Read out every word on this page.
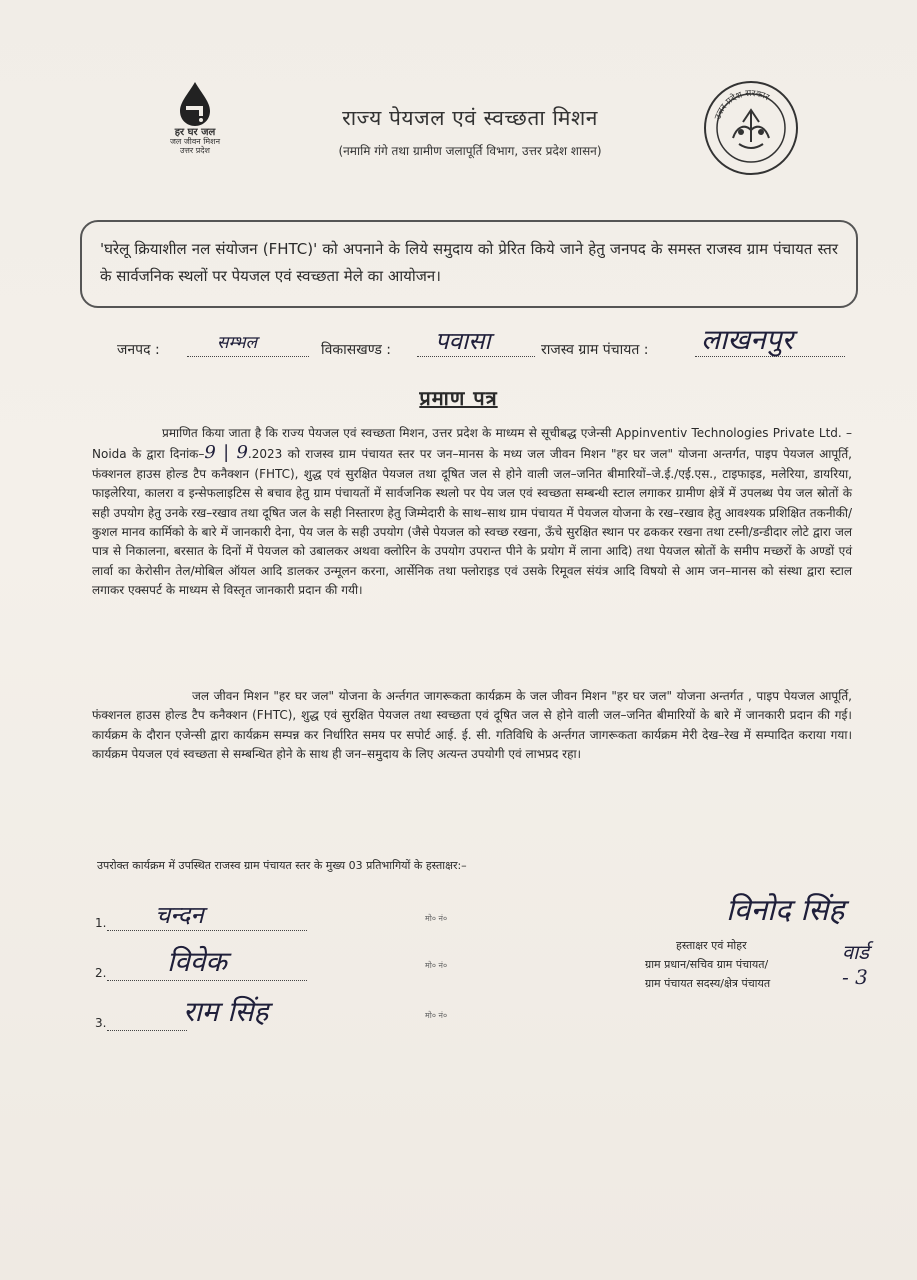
हर घर जल
जल जीवन मिशन
उत्तर प्रदेश
राज्य पेयजल एवं स्वच्छता मिशन
(नमामि गंगे तथा ग्रामीण जलापूर्ति विभाग, उत्तर प्रदेश शासन)
उत्तर प्रदेश सरकार
'घरेलू क्रियाशील नल संयोजन (FHTC)' को अपनाने के लिये समुदाय को प्रेरित किये जाने हेतु जनपद के समस्त राजस्व ग्राम पंचायत स्तर के सार्वजनिक स्थलों पर पेयजल एवं स्वच्छता मेले का आयोजन।
जनपद :	सम्भल	विकासखण्ड : पवासा	राजस्व ग्राम पंचायत : लाखनपुर
प्रमाण पत्र
प्रमाणित किया जाता है कि राज्य पेयजल एवं स्वच्छता मिशन, उत्तर प्रदेश के माध्यम से सूचीबद्ध एजेन्सी Appinventiv Technologies Private Ltd. – Noida के द्वारा दिनांक–9 | 9.2023 को राजस्व ग्राम पंचायत स्तर पर जन–मानस के मध्य जल जीवन मिशन "हर घर जल" योजना अन्तर्गत, पाइप पेयजल आपूर्ति, फंक्शनल हाउस होल्ड टैप कनैक्शन (FHTC), शुद्ध एवं सुरक्षित पेयजल तथा दूषित जल से होने वाली जल–जनित बीमारियों–जे.ई./एई.एस., टाइफाइड, मलेरिया, डायरिया, फाइलेरिया, कालरा व इन्सेफलाइटिस से बचाव हेतु ग्राम पंचायतों में सार्वजनिक स्थलो पर पेय जल एवं स्वच्छता सम्बन्धी स्टाल लगाकर ग्रामीण क्षेत्रें में उपलब्ध पेय जल स्रोतों के सही उपयोग हेतु उनके रख–रखाव तथा दूषित जल के सही निस्तारण हेतु जिम्मेदारी के साथ–साथ ग्राम पंचायत में पेयजल योजना के रख–रखाव हेतु आवश्यक प्रशिक्षित तकनीकी/कुशल मानव कार्मिको के बारे में जानकारी देना, पेय जल के सही उपयोग (जैसे पेयजल को स्वच्छ रखना, ऊँचे सुरक्षित स्थान पर ढककर रखना तथा टस्नी/डन्डीदार लोटे द्वारा जल पात्र से निकालना, बरसात के दिनों में पेयजल को उबालकर अथवा क्लोरिन के उपयोग उपरान्त पीने के प्रयोग में लाना आदि) तथा पेयजल स्रोतों के समीप मच्छरों के अण्डों एवं लार्वा का केरोसीन तेल/मोबिल ऑयल आदि डालकर उन्मूलन करना, आर्सेनिक तथा फ्लोराइड एवं उसके रिमूवल संयंत्र आदि विषयो से आम जन–मानस को संस्था द्वारा स्टाल लगाकर एक्सपर्ट के माध्यम से विस्तृत जानकारी प्रदान की गयी।
जल जीवन मिशन "हर घर जल" योजना के अर्न्तगत जागरूकता कार्यक्रम के जल जीवन मिशन "हर घर जल" योजना अन्तर्गत , पाइप पेयजल आपूर्ति, फंक्शनल हाउस होल्ड टैप कनैक्शन (FHTC), शुद्ध एवं सुरक्षित पेयजल तथा स्वच्छता एवं दूषित जल से होने वाली जल–जनित बीमारियों के बारे में जानकारी प्रदान की गई। कार्यक्रम के दौरान एजेन्सी द्वारा कार्यक्रम सम्पन्न कर निर्धारित समय पर सपोर्ट आई. ई. सी. गतिविधि के अर्न्तगत जागरूकता कार्यक्रम मेरी देख–रेख में सम्पादित कराया गया। कार्यक्रम पेयजल एवं स्वच्छता से सम्बन्धित होने के साथ ही जन–समुदाय के लिए अत्यन्त उपयोगी एवं लाभप्रद रहा।
उपरोक्त कार्यक्रम में उपस्थित राजस्व ग्राम पंचायत स्तर के मुख्य 03 प्रतिभागियों के हस्ताक्षर:–
1. चन्दन	मो० नं०
2. विवेक	मो० नं०
3.	राम सिंह	मो० नं०
विनोद सिंह
वार्ड - 3
हस्ताक्षर एवं मोहर
ग्राम प्रधान/सचिव ग्राम पंचायत/
ग्राम पंचायत सदस्य/क्षेत्र पंचायत
